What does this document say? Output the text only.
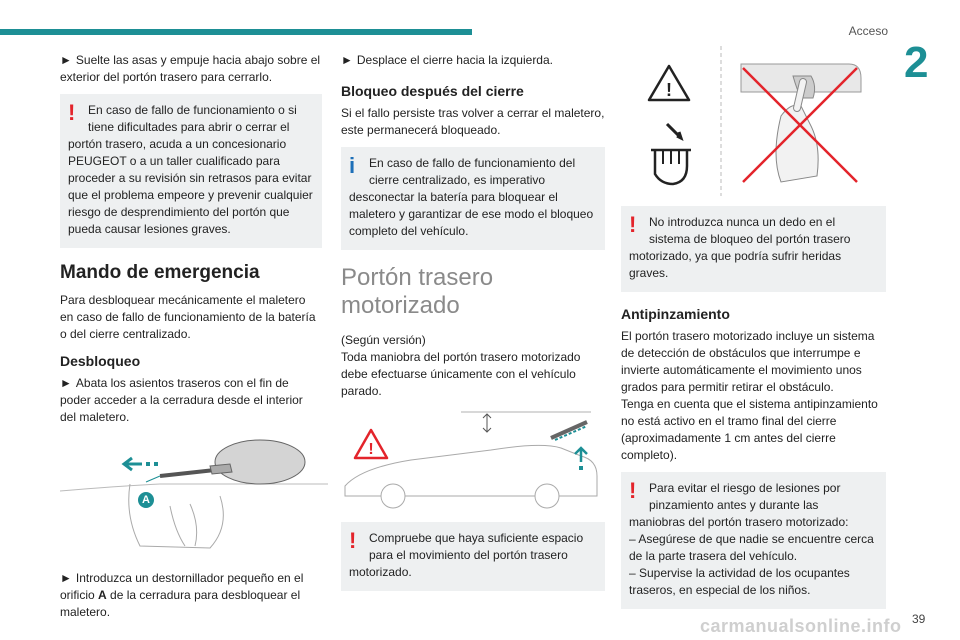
Acceso
2

► Suelte las asas y empuje hacia abajo sobre el exterior del portón trasero para cerrarlo.

!	En caso de fallo de funcionamiento o si tiene dificultades para abrir o cerrar el
portón trasero, acuda a un concesionario PEUGEOT o a un taller cualificado para proceder a su revisión sin retrasos para evitar que el problema empeore y prevenir cualquier riesgo de desprendimiento del portón que pueda causar lesiones graves.
Mando de emergencia

Para desbloquear mecánicamente el maletero en caso de fallo de funcionamiento de la batería o del cierre centralizado.

Desbloqueo

► Abata los asientos traseros con el fin de poder acceder a la cerradura desde el interior del maletero.

A

► Introduzca un destornillador pequeño en el orificio A de la cerradura para desbloquear el maletero.

► Desplace el cierre hacia la izquierda.

Bloqueo después del cierre

Si el fallo persiste tras volver a cerrar el maletero, este permanecerá bloqueado.

i	En caso de fallo de funcionamiento del cierre centralizado, es imperativo
desconectar la batería para bloquear el maletero y garantizar de ese modo el bloqueo completo del vehículo.
Portón trasero motorizado

(Según versión)

Toda maniobra del portón trasero motorizado debe efectuarse únicamente con el vehículo parado.

!
!	Compruebe que haya suficiente espacio para el movimiento del portón trasero
motorizado.
!
!	No introduzca nunca un dedo en el sistema de bloqueo del portón trasero
motorizado, ya que podría sufrir heridas graves.
Antipinzamiento

El portón trasero motorizado incluye un sistema de detección de obstáculos que interrumpe e invierte automáticamente el movimiento unos grados para permitir retirar el obstáculo.

Tenga en cuenta que el sistema antipinzamiento no está activo en el tramo final del cierre (aproximadamente 1 cm antes del cierre completo).

!	Para evitar el riesgo de lesiones por pinzamiento antes y durante las
maniobras del portón trasero motorizado:
– Asegúrese de que nadie se encuentre cerca de la parte trasera del vehículo.
– Supervise la actividad de los ocupantes traseros, en especial de los niños.
carmanualsonline.info 39
